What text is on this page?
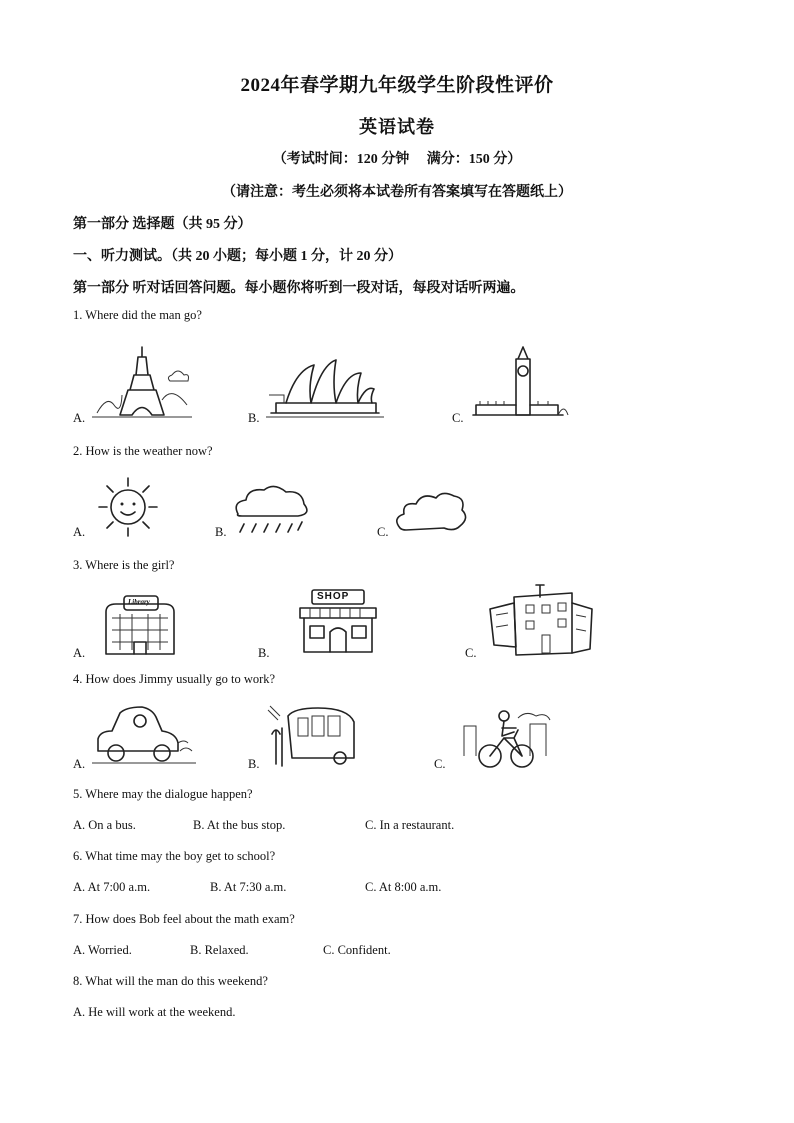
2024年春学期九年级学生阶段性评价
英语试卷
（考试时间：120 分钟     满分：150 分）
（请注意：考生必须将本试卷所有答案填写在答题纸上）
第一部分 选择题（共 95 分）
一、听力测试。（共 20 小题；每小题 1 分，计 20 分）
第一部分 听对话回答问题。每小题你将听到一段对话，每段对话听两遍。
1. Where did the man go?
A.	B.	C.
2. How is the weather now?
A.	B.	C.
3. Where is the girl?
A.	B.	C.
Library	SHOP
4. How does Jimmy usually go to work?
A.	B.	C.
5. Where may the dialogue happen?
A. On a bus.	B. At the bus stop.	C. In a restaurant.
6. What time may the boy get to school?
A. At 7:00 a.m.	B. At 7:30 a.m.	C. At 8:00 a.m.
7. How does Bob feel about the math exam?
A. Worried.	B. Relaxed.	C. Confident.
8. What will the man do this weekend?
A. He will work at the weekend.
